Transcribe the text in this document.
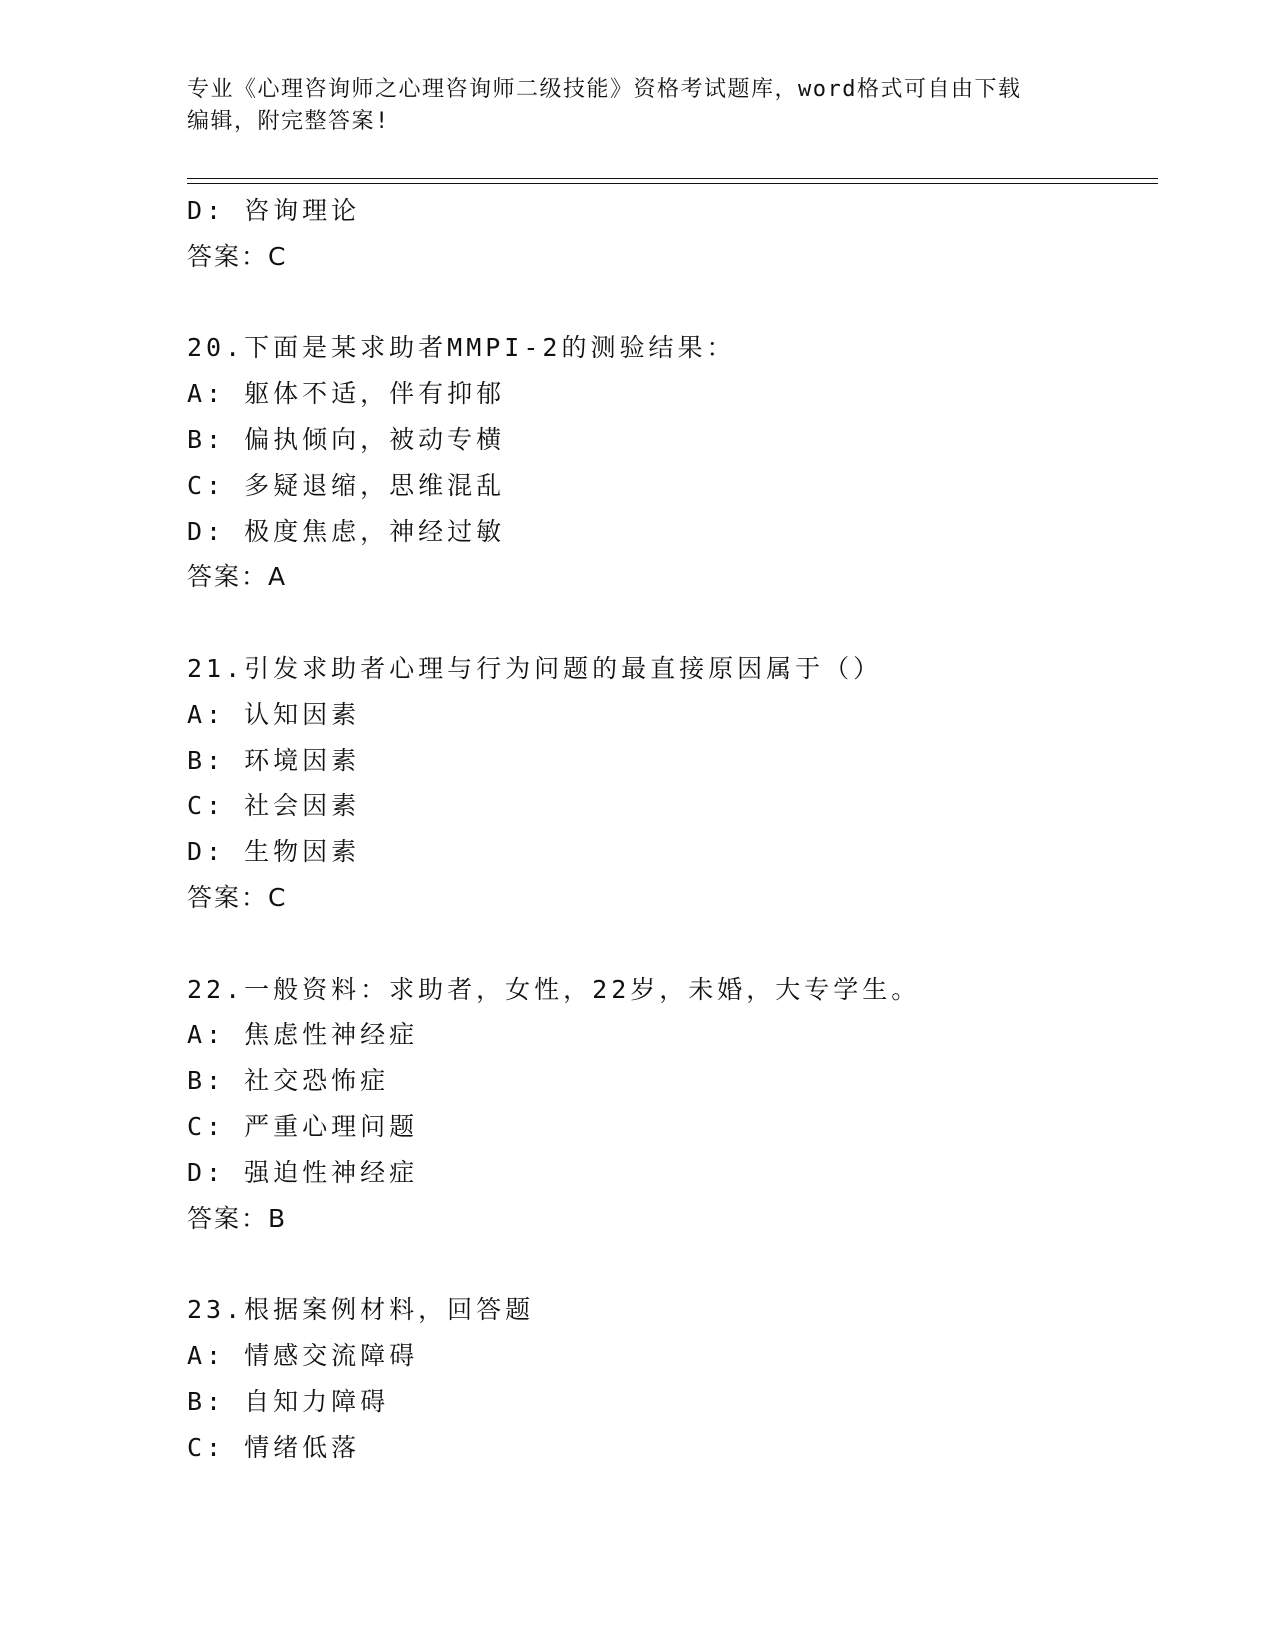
专业《心理咨询师之心理咨询师二级技能》资格考试题库，word格式可自由下载
编辑，附完整答案!
D: 咨询理论
答案：C
20.下面是某求助者MMPI-2的测验结果：
A: 躯体不适，伴有抑郁
B: 偏执倾向，被动专横
C: 多疑退缩，思维混乱
D: 极度焦虑，神经过敏
答案：A
21.引发求助者心理与行为问题的最直接原因属于（）
A: 认知因素
B: 环境因素
C: 社会因素
D: 生物因素
答案：C
22.一般资料：求助者，女性，22岁，未婚，大专学生。
A: 焦虑性神经症
B: 社交恐怖症
C: 严重心理问题
D: 强迫性神经症
答案：B
23.根据案例材料，回答题
A: 情感交流障碍
B: 自知力障碍
C: 情绪低落
